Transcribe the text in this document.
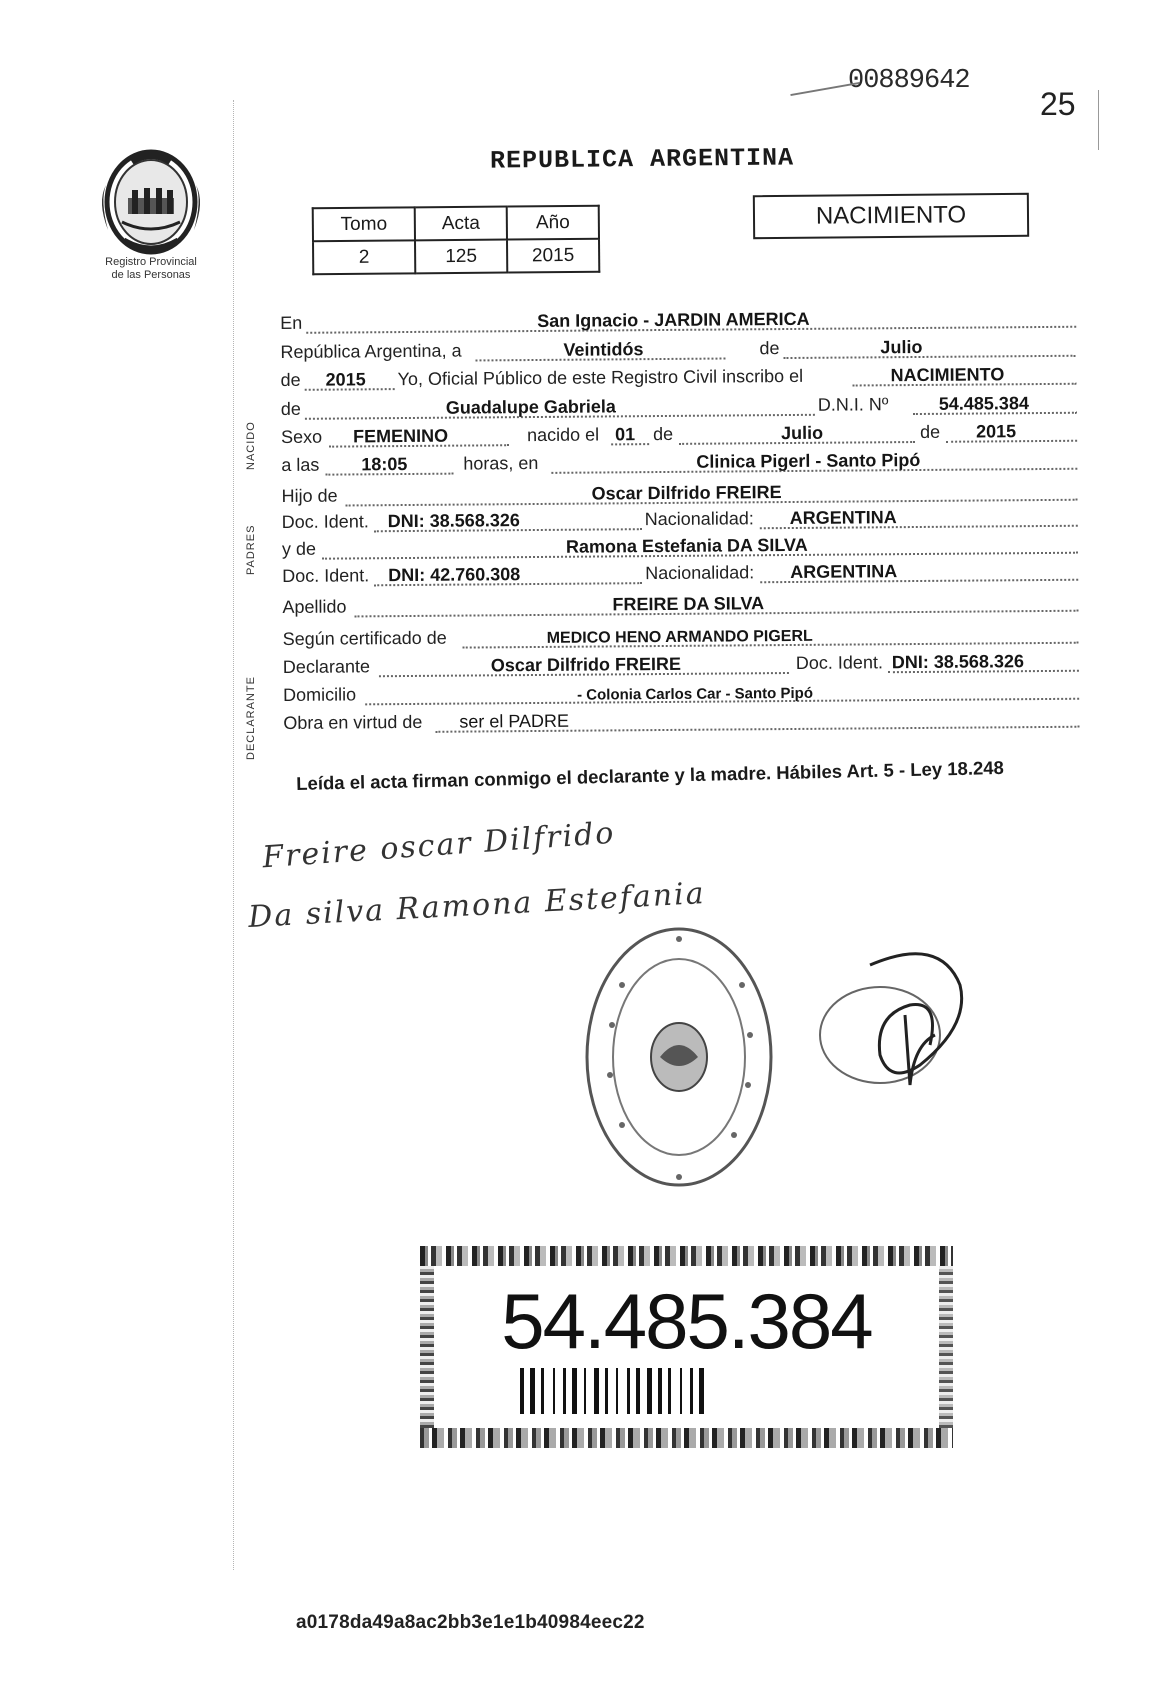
00889642
25
REPUBLICA ARGENTINA
Registro Provincial
de las Personas
Tomo	Acta	Año
2	125	2015
NACIMIENTO
NACIDO
PADRES
DECLARANTE
En	San Ignacio - JARDIN AMERICA
República Argentina, a	Veintidós	de	Julio
de 2015 Yo, Oficial Público de este Registro Civil inscribo el	NACIMIENTO
de	Guadalupe Gabriela	D.N.I. Nº	54.485.384
Sexo FEMENINO	nacido el 01 de	Julio	de 2015
a las 18:05	horas, en	Clinica Pigerl - Santo Pipó
Hijo de	Oscar Dilfrido FREIRE
Doc. Ident. DNI: 38.568.326	Nacionalidad: ARGENTINA
y de	Ramona Estefania DA SILVA
Doc. Ident. DNI: 42.760.308	Nacionalidad: ARGENTINA
Apellido	FREIRE DA SILVA
Según certificado de	MEDICO HENO ARMANDO PIGERL
Declarante	Oscar Dilfrido FREIRE	Doc. Ident. DNI: 38.568.326
Domicilio	- Colonia Carlos Car - Santo Pipó
Obra en virtud de ser el PADRE
Leída el acta firman conmigo el declarante y la madre. Hábiles Art. 5 - Ley 18.248
Freire oscar Dilfrido
Da silva Ramona Estefania
54.485.384
a0178da49a8ac2bb3e1e1b40984eec22
